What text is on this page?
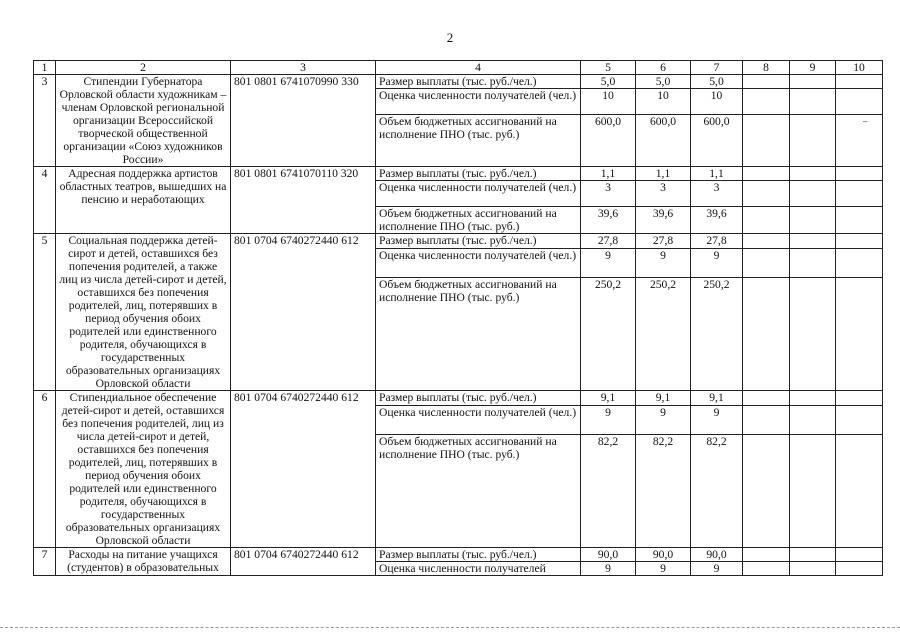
2
1	2	3	4	5	6	7	8	9	10
3	Стипендии Губернатора Орловской области художникам – членам Орловской региональной организации Всероссийской творческой общественной организации «Союз художников России»	801 0801 6741070990 330	Размер выплаты (тыс. руб./чел.)	5,0	5,0	5,0			
			Оценка численности получателей (чел.)	10	10	10			
			Объем бюджетных ассигнований на исполнение ПНО (тыс. руб.)	600,0	600,0	600,0			
4	Адресная поддержка артистов областных театров, вышедших на пенсию и неработающих	801 0801 6741070110 320	Размер выплаты (тыс. руб./чел.)	1,1	1,1	1,1			
			Оценка численности получателей (чел.)	3	3	3			
			Объем бюджетных ассигнований на исполнение ПНО (тыс. руб.)	39,6	39,6	39,6			
5	Социальная поддержка детей-сирот и детей, оставшихся без попечения родителей, а также лиц из числа детей-сирот и детей, оставшихся без попечения родителей, лиц, потерявших в период обучения обоих родителей или единственного родителя, обучающихся в государственных образовательных организациях Орловской области	801 0704 6740272440 612	Размер выплаты (тыс. руб./чел.)	27,8	27,8	27,8			
			Оценка численности получателей (чел.)	9	9	9			
			Объем бюджетных ассигнований на исполнение ПНО (тыс. руб.)	250,2	250,2	250,2			
6	Стипендиальное обеспечение детей-сирот и детей, оставшихся без попечения родителей, лиц из числа детей-сирот и детей, оставшихся без попечения родителей, лиц, потерявших в период обучения обоих родителей или единственного родителя, обучающихся в государственных образовательных организациях Орловской области	801 0704 6740272440 612	Размер выплаты (тыс. руб./чел.)	9,1	9,1	9,1			
			Оценка численности получателей (чел.)	9	9	9			
			Объем бюджетных ассигнований на исполнение ПНО (тыс. руб.)	82,2	82,2	82,2			
7	Расходы на питание учащихся (студентов) в образовательных	801 0704 6740272440 612	Размер выплаты (тыс. руб./чел.)	90,0	90,0	90,0			
			Оценка численности получателей	9	9	9			
⁻
